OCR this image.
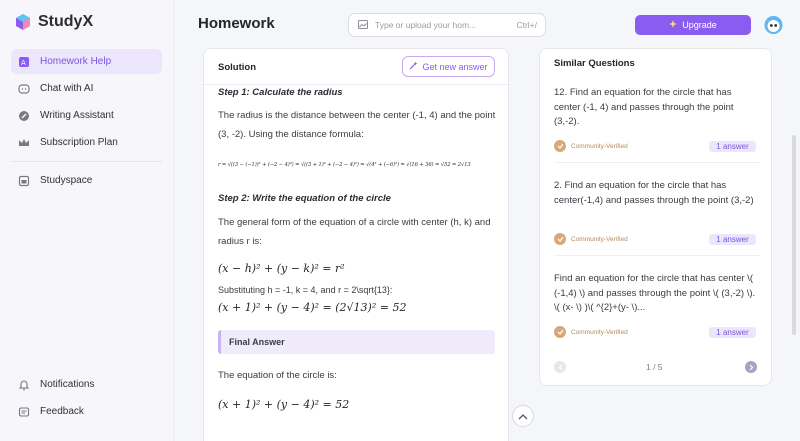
StudyX
A Homework Help
Chat with AI
Writing Assistant
Subscription Plan
Studyspace
Notifications
Feedback
Homework	Type or upload your hom...	Ctrl+/	Upgrade
Solution	Get new answer
Step 1: Calculate the radius
The radius is the distance between the center (-1, 4) and the point (3, -2). Using the distance formula:
r = √((3 − (−1))² + (−2 − 4)²) = √((3 + 1)² + (−2 − 4)²) = √(4² + (−6)²) = √(16 + 36) = √52 = 2√13
Step 2: Write the equation of the circle
The general form of the equation of a circle with center (h, k) and radius r is:
(x − h)² + (y − k)² = r²
Substituting h = -1, k = 4, and r = 2\sqrt{13}:
(x + 1)² + (y − 4)² = (2√13)² = 52
Final Answer
The equation of the circle is:
(x + 1)² + (y − 4)² = 52
Similar Questions
12. Find an equation for the circle that has center (-1, 4) and passes through the point (3,-2).
Community-Verified	1 answer
2. Find an equation for the circle that has center(-1,4) and passes through the point (3,-2)
Community-Verified	1 answer
Find an equation for the circle that has center \( (-1,4) \) and passes through the point \( (3,-2) \). \( (x- \) )\( ^{2}+(y- \)...
Community-Verified	1 answer
1 / 5
